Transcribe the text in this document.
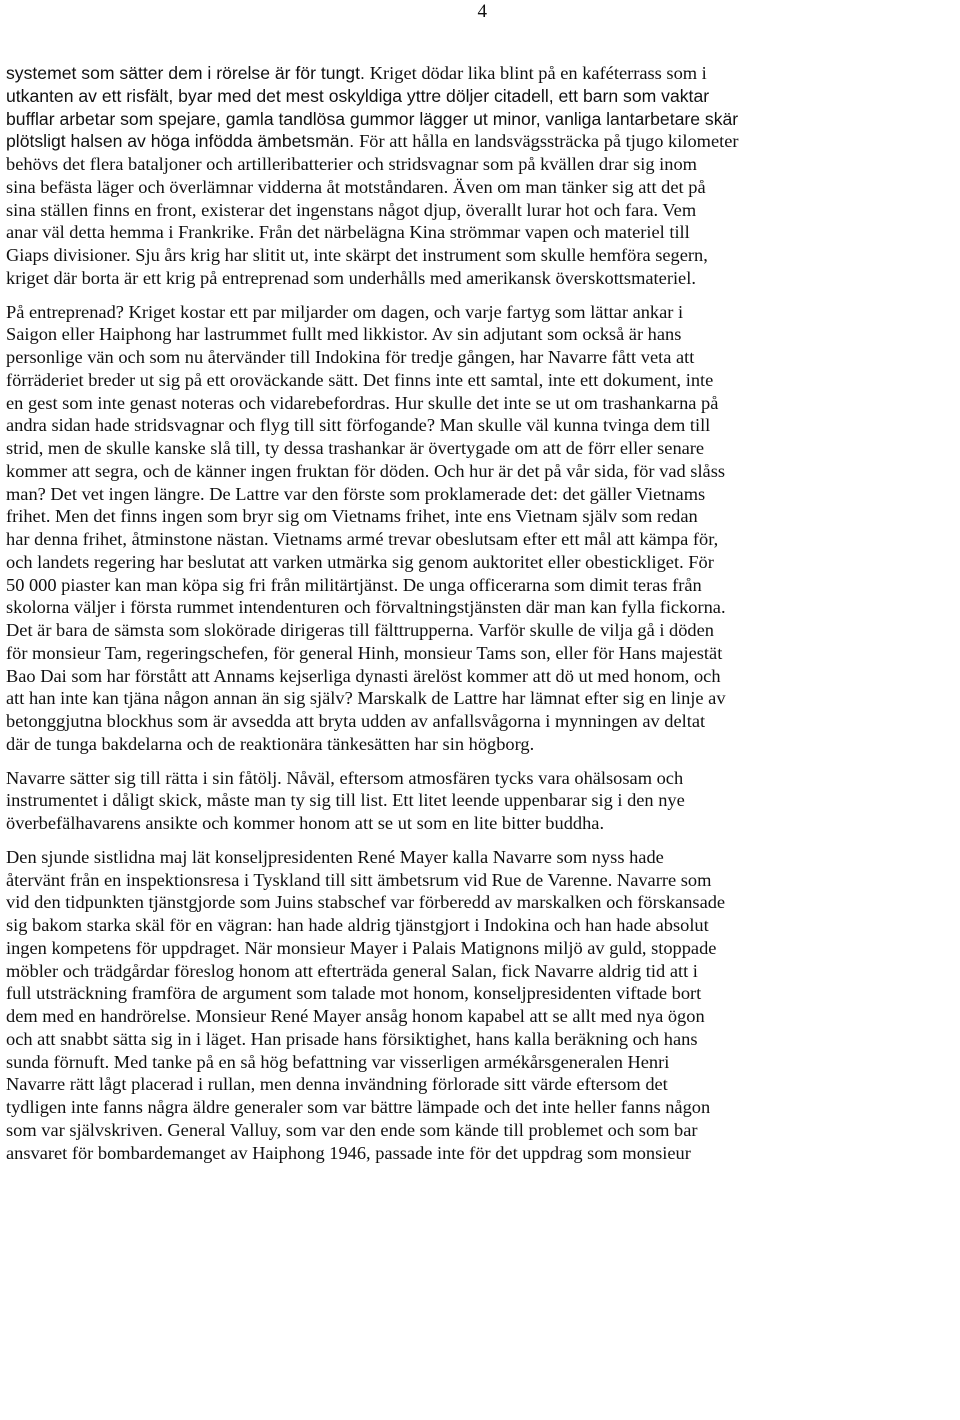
4
systemet som sätter dem i rörelse är för tungt. Kriget dödar lika blint på en kaféterrass som i
utkanten av ett risfält, byar med det mest oskyldiga yttre döljer citadell, ett barn som vaktar
bufflar arbetar som spejare, gamla tandlösa gummor lägger ut minor, vanliga lantarbetare skär
plötsligt halsen av höga infödda ämbetsmän. För att hålla en landsvägssträcka på tjugo kilometer
behövs det flera bataljoner och artilleribatterier och stridsvagnar som på kvällen drar sig inom
sina befästa läger och överlämnar vidderna åt motståndaren. Även om man tänker sig att det på
sina ställen finns en front, existerar det ingenstans något djup, överallt lurar hot och fara. Vem
anar väl detta hemma i Frankrike. Från det närbelägna Kina strömmar vapen och materiel till
Giaps divisioner. Sju års krig har slitit ut, inte skärpt det instrument som skulle hemföra segern,
kriget där borta är ett krig på entreprenad som underhålls med amerikansk överskottsmateriel.
På entreprenad? Kriget kostar ett par miljarder om dagen, och varje fartyg som lättar ankar i
Saigon eller Haiphong har lastrummet fullt med likkistor. Av sin adjutant som också är hans
personlige vän och som nu återvänder till Indokina för tredje gången, har Navarre fått veta att
förräderiet breder ut sig på ett oroväckande sätt. Det finns inte ett samtal, inte ett dokument, inte
en gest som inte genast noteras och vidarebefordras. Hur skulle det inte se ut om trashankarna på
andra sidan hade stridsvagnar och flyg till sitt förfogande? Man skulle väl kunna tvinga dem till
strid, men de skulle kanske slå till, ty dessa trashankar är övertygade om att de förr eller senare
kommer att segra, och de känner ingen fruktan för döden. Och hur är det på vår sida, för vad slåss
man? Det vet ingen längre. De Lattre var den förste som proklamerade det: det gäller Vietnams
frihet. Men det finns ingen som bryr sig om Vietnams frihet, inte ens Vietnam själv som redan
har denna frihet, åtminstone nästan. Vietnams armé trevar obeslutsam efter ett mål att kämpa för,
och landets regering har beslutat att varken utmärka sig genom auktoritet eller obestickliget. För
50 000 piaster kan man köpa sig fri från militärtjänst. De unga officerarna som dimit teras från
skolorna väljer i första rummet intendenturen och förvaltningstjänsten där man kan fylla fickorna.
Det är bara de sämsta som slokörade dirigeras till fälttrupperna. Varför skulle de vilja gå i döden
för monsieur Tam, regeringschefen, för general Hinh, monsieur Tams son, eller för Hans majestät
Bao Dai som har förstått att Annams kejserliga dynasti ärelöst kommer att dö ut med honom, och
att han inte kan tjäna någon annan än sig själv? Marskalk de Lattre har lämnat efter sig en linje av
betonggjutna blockhus som är avsedda att bryta udden av anfallsvågorna i mynningen av deltat
där de tunga bakdelarna och de reaktionära tänkesätten har sin högborg.
Navarre sätter sig till rätta i sin fåtölj. Nåväl, eftersom atmosfären tycks vara ohälsosam och
instrumentet i dåligt skick, måste man ty sig till list. Ett litet leende uppenbarar sig i den nye
överbefälhavarens ansikte och kommer honom att se ut som en lite bitter buddha.
Den sjunde sistlidna maj lät konseljpresidenten René Mayer kalla Navarre som nyss hade
återvänt från en inspektionsresa i Tyskland till sitt ämbetsrum vid Rue de Varenne. Navarre som
vid den tidpunkten tjänstgjorde som Juins stabschef var förberedd av marskalken och förskansade
sig bakom starka skäl för en vägran: han hade aldrig tjänstgjort i Indokina och han hade absolut
ingen kompetens för uppdraget. När monsieur Mayer i Palais Matignons miljö av guld, stoppade
möbler och trädgårdar föreslog honom att efterträda general Salan, fick Navarre aldrig tid att i
full utsträckning framföra de argument som talade mot honom, konseljpresidenten viftade bort
dem med en handrörelse. Monsieur René Mayer ansåg honom kapabel att se allt med nya ögon
och att snabbt sätta sig in i läget. Han prisade hans försiktighet, hans kalla beräkning och hans
sunda förnuft. Med tanke på en så hög befattning var visserligen armékårsgeneralen Henri
Navarre rätt lågt placerad i rullan, men denna invändning förlorade sitt värde eftersom det
tydligen inte fanns några äldre generaler som var bättre lämpade och det inte heller fanns någon
som var självskriven. General Valluy, som var den ende som kände till problemet och som bar
ansvaret för bombardemanget av Haiphong 1946, passade inte för det uppdrag som monsieur
